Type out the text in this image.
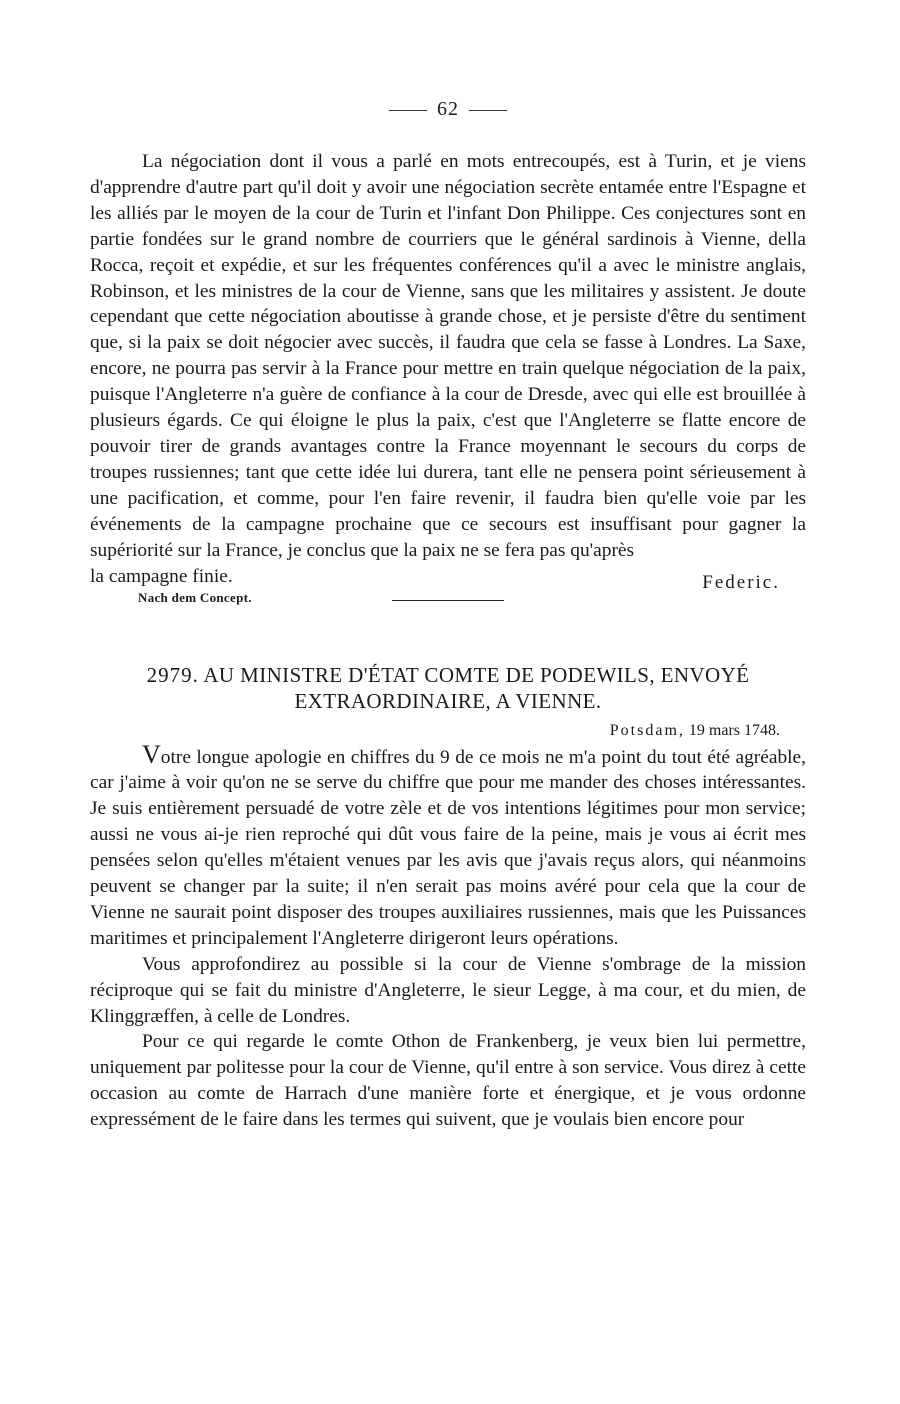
62

La négociation dont il vous a parlé en mots entrecoupés, est à Turin, et je viens d'apprendre d'autre part qu'il doit y avoir une négociation secrète entamée entre l'Espagne et les alliés par le moyen de la cour de Turin et l'infant Don Philippe. Ces conjectures sont en partie fondées sur le grand nombre de courriers que le général sardinois à Vienne, della Rocca, reçoit et expédie, et sur les fréquentes conférences qu'il a avec le ministre anglais, Robinson, et les ministres de la cour de Vienne, sans que les militaires y assistent. Je doute cependant que cette négociation aboutisse à grande chose, et je persiste d'être du sentiment que, si la paix se doit négocier avec succès, il faudra que cela se fasse à Londres. La Saxe, encore, ne pourra pas servir à la France pour mettre en train quelque négociation de la paix, puisque l'Angleterre n'a guère de confiance à la cour de Dresde, avec qui elle est brouillée à plusieurs égards. Ce qui éloigne le plus la paix, c'est que l'Angleterre se flatte encore de pouvoir tirer de grands avantages contre la France moyennant le secours du corps de troupes russiennes; tant que cette idée lui durera, tant elle ne pensera point sérieusement à une pacification, et comme, pour l'en faire revenir, il faudra bien qu'elle voie par les événements de la campagne prochaine que ce secours est insuffisant pour gagner la supériorité sur la France, je conclus que la paix ne se fera pas qu'après

la campagne finie.	Federic.
Nach dem Concept.
2979. AU MINISTRE D'ÉTAT COMTE DE PODEWILS, ENVOYÉ EXTRAORDINAIRE, A VIENNE.
Potsdam, 19 mars 1748.

Votre longue apologie en chiffres du 9 de ce mois ne m'a point du tout été agréable, car j'aime à voir qu'on ne se serve du chiffre que pour me mander des choses intéressantes. Je suis entièrement persuadé de votre zèle et de vos intentions légitimes pour mon service; aussi ne vous ai-je rien reproché qui dût vous faire de la peine, mais je vous ai écrit mes pensées selon qu'elles m'étaient venues par les avis que j'avais reçus alors, qui néanmoins peuvent se changer par la suite; il n'en serait pas moins avéré pour cela que la cour de Vienne ne saurait point disposer des troupes auxiliaires russiennes, mais que les Puissances maritimes et principalement l'Angleterre dirigeront leurs opérations.

Vous approfondirez au possible si la cour de Vienne s'ombrage de la mission réciproque qui se fait du ministre d'Angleterre, le sieur Legge, à ma cour, et du mien, de Klinggræffen, à celle de Londres.

Pour ce qui regarde le comte Othon de Frankenberg, je veux bien lui permettre, uniquement par politesse pour la cour de Vienne, qu'il entre à son service. Vous direz à cette occasion au comte de Harrach d'une manière forte et énergique, et je vous ordonne expressément de le faire dans les termes qui suivent, que je voulais bien encore pour
